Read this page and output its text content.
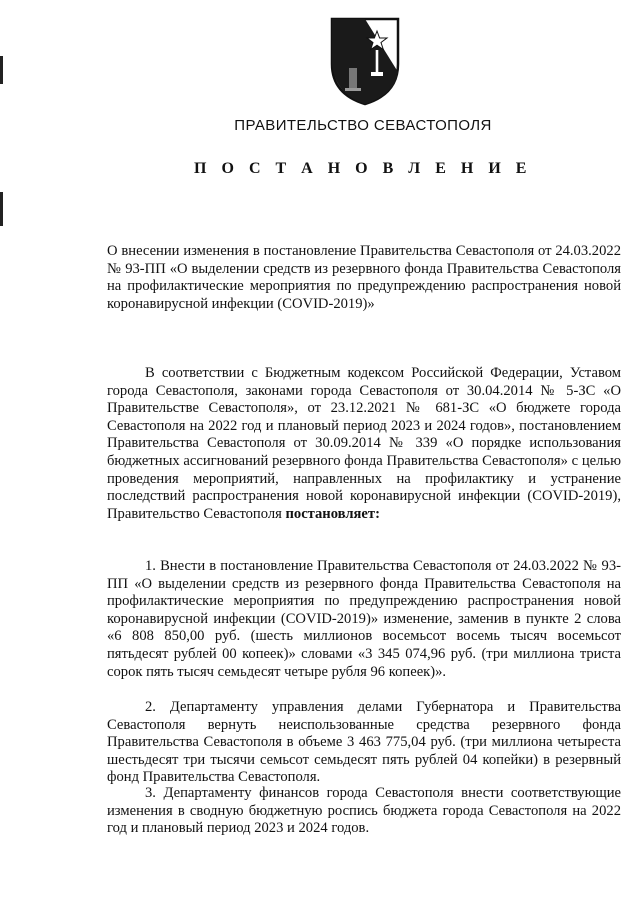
ПРАВИТЕЛЬСТВО СЕВАСТОПОЛЯ
П О С Т А Н О В Л Е Н И Е
О внесении изменения в постановление Правительства Севастополя от 24.03.2022 № 93-ПП «О выделении средств из резервного фонда Правительства Севастополя на профилактические мероприятия по предупреждению распространения новой коронавирусной инфекции (COVID-2019)»
В соответствии с Бюджетным кодексом Российской Федерации, Уставом города Севастополя, законами города Севастополя от 30.04.2014 № 5-ЗС «О Правительстве Севастополя», от 23.12.2021 № 681-ЗС «О бюджете города Севастополя на 2022 год и плановый период 2023 и 2024 годов», постановлением Правительства Севастополя от 30.09.2014 № 339 «О порядке использования бюджетных ассигнований резервного фонда Правительства Севастополя» с целью проведения мероприятий, направленных на профилактику и устранение последствий распространения новой коронавирусной инфекции (COVID-2019), Правительство Севастополя постановляет:
1. Внести в постановление Правительства Севастополя от 24.03.2022 № 93-ПП «О выделении средств из резервного фонда Правительства Севастополя на профилактические мероприятия по предупреждению распространения новой коронавирусной инфекции (COVID-2019)» изменение, заменив в пункте 2 слова «6 808 850,00 руб. (шесть миллионов восемьсот восемь тысяч восемьсот пятьдесят рублей 00 копеек)» словами «3 345 074,96 руб. (три миллиона триста сорок пять тысяч семьдесят четыре рубля 96 копеек)».
2. Департаменту управления делами Губернатора и Правительства Севастополя вернуть неиспользованные средства резервного фонда Правительства Севастополя в объеме 3 463 775,04 руб. (три миллиона четыреста шестьдесят три тысячи семьсот семьдесят пять рублей 04 копейки) в резервный фонд Правительства Севастополя.
3. Департаменту финансов города Севастополя внести соответствующие изменения в сводную бюджетную роспись бюджета города Севастополя на 2022 год и плановый период 2023 и 2024 годов.
